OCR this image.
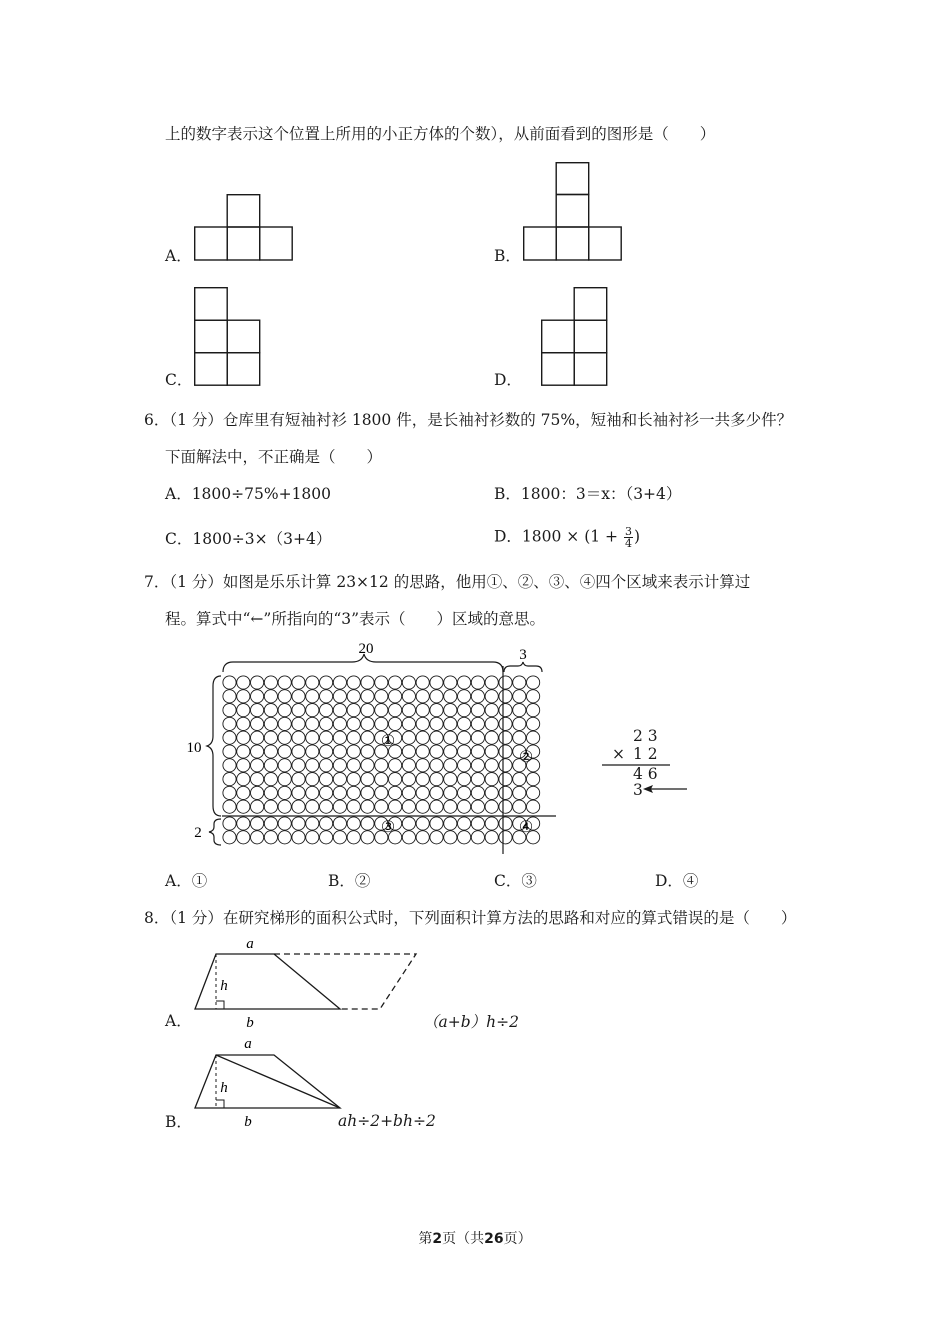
上的数字表示这个位置上所用的小正方体的个数），从前面看到的图形是（　　）
A．	B．
C．	D．
6．（1 分）仓库里有短袖衬衫 1800 件，是长袖衬衫数的 75%，短袖和长袖衬衫一共多少件？
下面解法中，不正确是（　　）
A．1800÷75%+1800	B．1800：3＝x：（3+4）
C．1800÷3×（3+4）	D．$1800 \times (1 + \frac{3}{4}$ )
7．（1 分）如图是乐乐计算 23×12 的思路，他用①、②、③、④四个区域来表示计算过
程。算式中“←”所指向的“3”表示（　　）区域的意思。
20	3
10
2
①
②
③	④
2 3
× 1 2
4 6
3
A．①	B．②	C．③	D．④
8．（1 分）在研究梯形的面积公式时，下列面积计算方法的思路和对应的算式错误的是（　　）
A．
a
h
b	（a+b）h÷2
B．
a
h
b	ah÷2+bh÷2
第2页（共26页）
